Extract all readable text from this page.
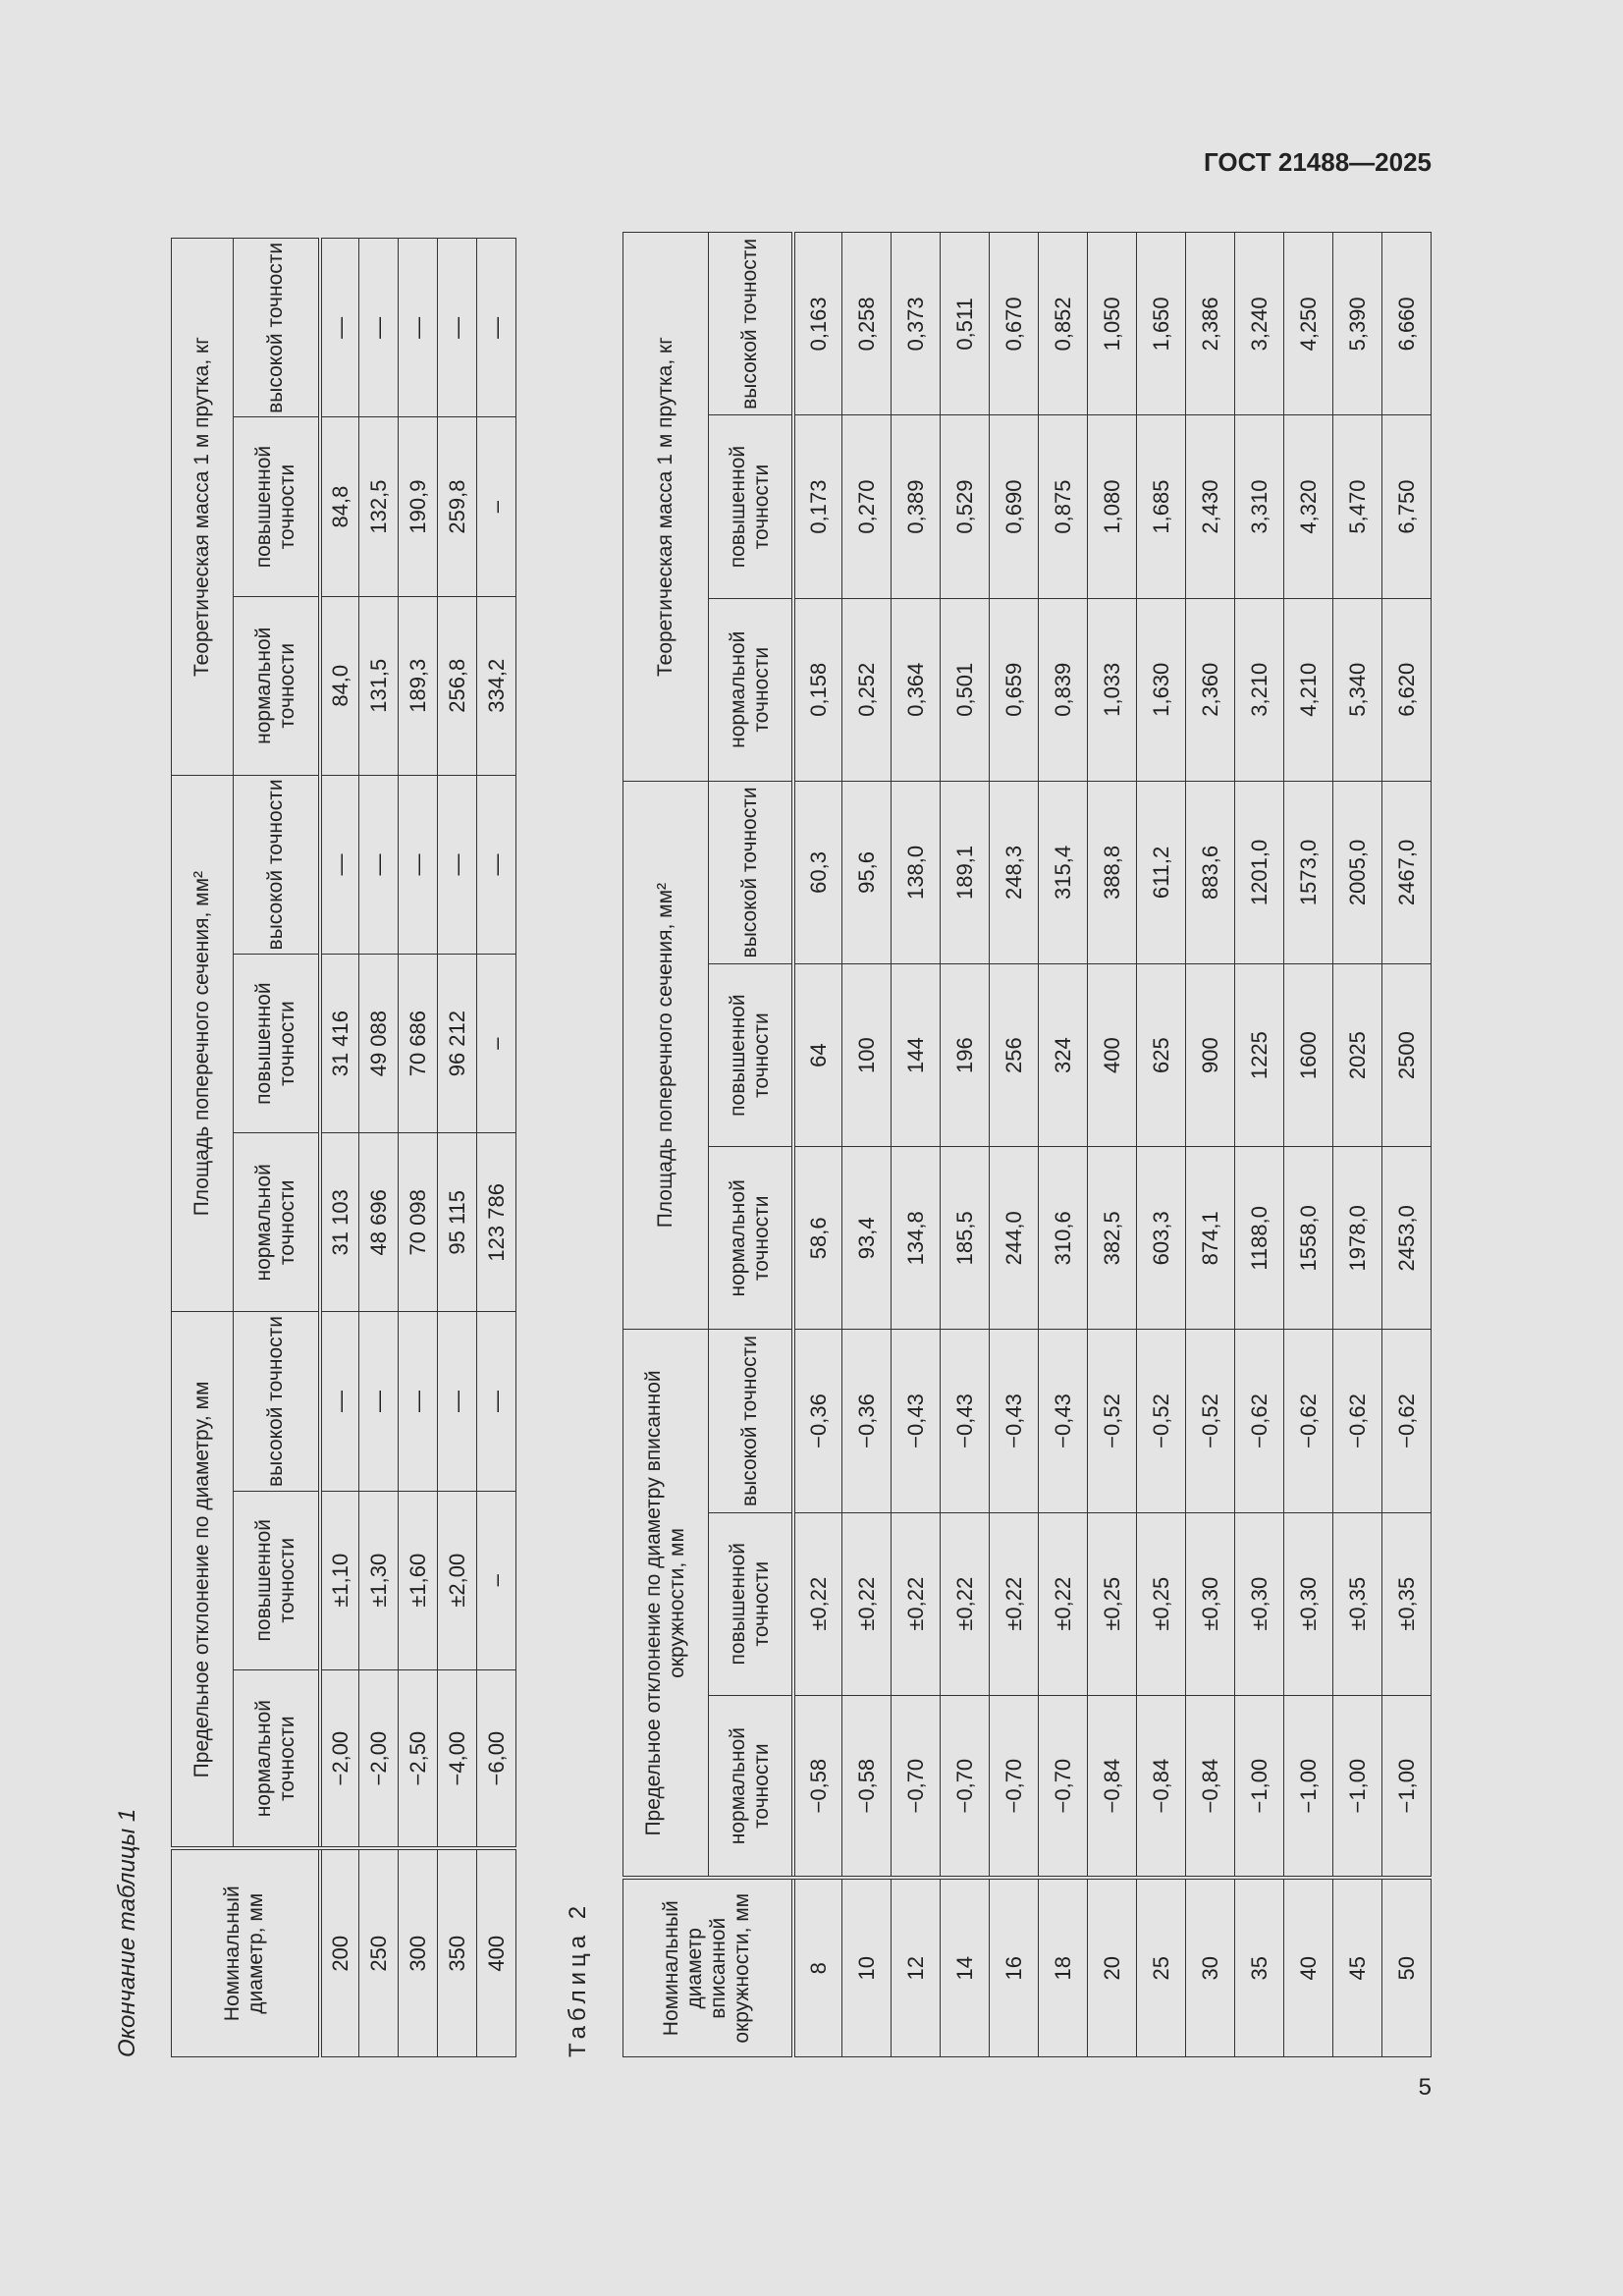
ГОСТ 21488—2025
5
Окончание таблицы 1	Таблица 2
Номинальный диаметр, мм	Предельное отклонение по диаметру, мм			Площадь поперечного сечения, мм²			Теоретическая масса 1 м прутка, кг		
	нормальной точности	повышенной точности	высокой точности	нормальной точности	повышенной точности	высокой точности	нормальной точности	повышенной точности	высокой точности
200	−2,00	±1,10	—	31 103	31 416	—	84,0	84,8	—
250	−2,00	±1,30	—	48 696	49 088	—	131,5	132,5	—
300	−2,50	±1,60	—	70 098	70 686	—	189,3	190,9	—
350	−4,00	±2,00	—	95 115	96 212	—	256,8	259,8	—
400	−6,00	–	—	123 786	–	—	334,2	–	—
Номинальный диаметр вписанной окружности, мм	Предельное отклонение по диаметру вписанной окружности, мм			Площадь поперечного сечения, мм²			Теоретическая масса 1 м прутка, кг		
	нормальной точности	повышенной точности	высокой точности	нормальной точности	повышенной точности	высокой точности	нормальной точности	повышенной точности	высокой точности
8	−0,58	±0,22	−0,36	58,6	64	60,3	0,158	0,173	0,163
10	−0,58	±0,22	−0,36	93,4	100	95,6	0,252	0,270	0,258
12	−0,70	±0,22	−0,43	134,8	144	138,0	0,364	0,389	0,373
14	−0,70	±0,22	−0,43	185,5	196	189,1	0,501	0,529	0,511
16	−0,70	±0,22	−0,43	244,0	256	248,3	0,659	0,690	0,670
18	−0,70	±0,22	−0,43	310,6	324	315,4	0,839	0,875	0,852
20	−0,84	±0,25	−0,52	382,5	400	388,8	1,033	1,080	1,050
25	−0,84	±0,25	−0,52	603,3	625	611,2	1,630	1,685	1,650
30	−0,84	±0,30	−0,52	874,1	900	883,6	2,360	2,430	2,386
35	−1,00	±0,30	−0,62	1188,0	1225	1201,0	3,210	3,310	3,240
40	−1,00	±0,30	−0,62	1558,0	1600	1573,0	4,210	4,320	4,250
45	−1,00	±0,35	−0,62	1978,0	2025	2005,0	5,340	5,470	5,390
50	−1,00	±0,35	−0,62	2453,0	2500	2467,0	6,620	6,750	6,660
